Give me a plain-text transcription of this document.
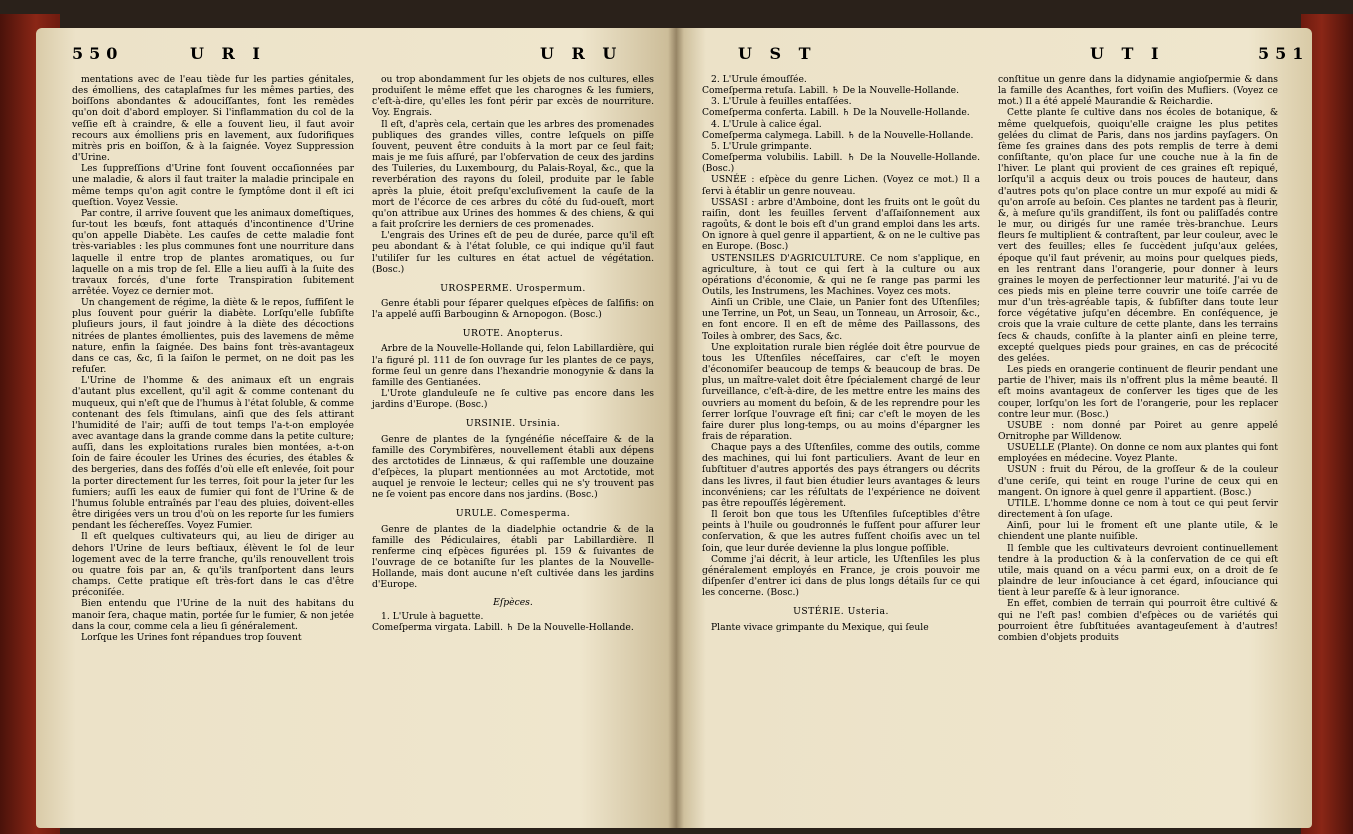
550	U R I	U R U	U S T	U T I	551

mentations avec de l'eau tiède fur les parties génitales, des émolliens, des cataplaſmes fur les mêmes parties, des boiſſons abondantes & adouciſſantes, font les remèdes qu'on doit d'abord employer. Si l'inflammation du col de la veſſie eſt à craindre, & elle a ſouvent lieu, il faut avoir recours aux émolliens pris en lavement, aux ſudorifiques mitrès pris en boiſſon, & à la ſaignée. Voyez Suppression d'Urine.

Les ſuppreſſions d'Urine font ſouvent occaſionnées par une maladie, & alors il faut traiter la maladie principale en même temps qu'on agit contre le ſymptôme dont il eſt ici queſtion. Voyez Vessie.

Par contre, il arrive ſouvent que les animaux domeſtiques, ſur-tout les bœufs, font attaqués d'incontinence d'Urine qu'on appelle Diabète. Les cauſes de cette maladie font très-variables : les plus communes font une nourriture dans laquelle il entre trop de plantes aromatiques, ou ſur laquelle on a mis trop de ſel. Elle a lieu auſſi à la ſuite des travaux forcés, d'une forte Transpiration ſubitement arrêtée. Voyez ce dernier mot.

Un changement de régime, la diète & le repos, ſuffiſent le plus ſouvent pour guérir la diabète. Lorſqu'elle ſubſiſte pluſieurs jours, il faut joindre à la diète des décoctions nitrées de plantes émollientes, puis des lavemens de même nature, enfin la ſaignée. Des bains font très-avantageux dans ce cas, &c, ſi la ſaiſon le permet, on ne doit pas les refuſer.

L'Urine de l'homme & des animaux eſt un engrais d'autant plus excellent, qu'il agit & comme contenant du muqueux, qui n'eſt que de l'humus à l'état ſoluble, & comme contenant des ſels ſtimulans, ainſi que des ſels attirant l'humidité de l'air; auſſi de tout temps l'a-t-on employée avec avantage dans la grande comme dans la petite culture; auſſi, dans les exploitations rurales bien montées, a-t-on ſoin de faire écouler les Urines des écuries, des étables & des bergeries, dans des foſſés d'où elle eſt enlevée, ſoit pour la porter directement ſur les terres, ſoit pour la jeter ſur les fumiers; auſſi les eaux de fumier qui font de l'Urine & de l'humus ſoluble entraînés par l'eau des pluies, doivent-elles être dirigées vers un trou d'où on les reporte ſur les fumiers pendant les ſéchereſſes. Voyez Fumier.

Il eſt quelques cultivateurs qui, au lieu de diriger au dehors l'Urine de leurs beſtiaux, élèvent le ſol de leur logement avec de la terre franche, qu'ils renouvellent trois ou quatre fois par an, & qu'ils tranſportent dans leurs champs. Cette pratique eſt très-fort dans le cas d'être préconiſée.

Bien entendu que l'Urine de la nuit des habitans du manoir ſera, chaque matin, portée ſur le fumier, & non jetée dans la cour, comme cela a lieu ſi généralement.

Lorſque les Urines font répandues trop ſouvent

ou trop abondamment ſur les objets de nos cultures, elles produiſent le même effet que les charognes & les fumiers, c'eſt-à-dire, qu'elles les font périr par excès de nourriture. Voy. Engrais.

Il eſt, d'après cela, certain que les arbres des promenades publiques des grandes villes, contre leſquels on piſſe ſouvent, peuvent être conduits à la mort par ce ſeul fait; mais je me ſuis aſſuré, par l'obſervation de ceux des jardins des Tuileries, du Luxembourg, du Palais-Royal, &c., que la reverbération des rayons du ſoleil, produite par le ſable après la pluie, étoit preſqu'excluſivement la cauſe de la mort de l'écorce de ces arbres du côté du ſud-oueſt, mort qu'on attribue aux Urines des hommes & des chiens, & qui a fait proſcrire les derniers de ces promenades.

L'engrais des Urines eſt de peu de durée, parce qu'il eſt peu abondant & à l'état ſoluble, ce qui indique qu'il faut l'utiliſer ſur les cultures en état actuel de végétation. (Bosc.)

UROSPERME. Urospermum.

Genre établi pour ſéparer quelques eſpèces de ſalſifis: on l'a appelé auſſi Barbouginn & Arnopogon. (Bosc.)

UROTE. Anopterus.

Arbre de la Nouvelle-Hollande qui, ſelon Labillardière, qui l'a figuré pl. 111 de ſon ouvrage ſur les plantes de ce pays, forme ſeul un genre dans l'hexandrie monogynie & dans la famille des Gentianées.

L'Urote glanduleuſe ne ſe cultive pas encore dans les jardins d'Europe. (Bosc.)

URSINIE. Ursinia.

Genre de plantes de la ſyngénéſie néceſſaire & de la famille des Corymbifères, nouvellement établi aux dépens des arctotides de Linnæus, & qui raſſemble une douzaine d'eſpèces, la plupart mentionnées au mot Arctotide, mot auquel je renvoie le lecteur; celles qui ne s'y trouvent pas ne ſe voient pas encore dans nos jardins. (Bosc.)

URULE. Comesperma.

Genre de plantes de la diadelphie octandrie & de la famille des Pédiculaires, établi par Labillardière. Il renferme cinq eſpèces figurées pl. 159 & ſuivantes de l'ouvrage de ce botaniſte ſur les plantes de la Nouvelle-Hollande, mais dont aucune n'eſt cultivée dans les jardins d'Europe.

Eſpèces.

1. L'Urule à baguette.

Comeſperma virgata. Labill. ♄ De la Nouvelle-Hollande.

2. L'Urule émouſſée.

Comeſperma retuſa. Labill. ♄ De la Nouvelle-Hollande.

3. L'Urule à feuilles entaſſées.

Comeſperma conferta. Labill. ♄ De la Nouvelle-Hollande.

4. L'Urule à calice égal.

Comeſperma calymega. Labill. ♄ de la Nouvelle-Hollande.

5. L'Urule grimpante.

Comeſperma volubilis. Labill. ♄ De la Nouvelle-Hollande. (Bosc.)

USNÉE : eſpèce du genre Lichen. (Voyez ce mot.) Il a ſervi à établir un genre nouveau.

USSASI : arbre d'Amboine, dont les fruits ont le goût du raiſin, dont les feuilles ſervent d'aſſaiſonnement aux ragoûts, & dont le bois eſt d'un grand emploi dans les arts. On ignore à quel genre il appartient, & on ne le cultive pas en Europe. (Bosc.)

USTENSILES D'AGRICULTURE. Ce nom s'applique, en agriculture, à tout ce qui ſert à la culture ou aux opérations d'économie, & qui ne ſe range pas parmi les Outils, les Instrumens, les Machines. Voyez ces mots.

Ainſi un Crible, une Claie, un Panier font des Uſtenſiles; une Terrine, un Pot, un Seau, un Tonneau, un Arrosoir, &c., en font encore. Il en eſt de même des Paillassons, des Toiles à ombrer, des Sacs, &c.

Une exploitation rurale bien réglée doit être pourvue de tous les Uſtenſiles néceſſaires, car c'eſt le moyen d'économiſer beaucoup de temps & beaucoup de bras. De plus, un maître-valet doit être ſpécialement chargé de leur ſurveillance, c'eſt-à-dire, de les mettre entre les mains des ouvriers au moment du beſoin, & de les reprendre pour les ſerrer lorſque l'ouvrage eſt fini; car c'eſt le moyen de les faire durer plus long-temps, ou au moins d'épargner les frais de réparation.

Chaque pays a des Uſtenſiles, comme des outils, comme des machines, qui lui font particuliers. Avant de leur en ſubſtituer d'autres apportés des pays étrangers ou décrits dans les livres, il faut bien étudier leurs avantages & leurs inconvéniens; car les réſultats de l'expérience ne doivent pas être repouſſés légèrement.

Il ſeroit bon que tous les Uſtenſiles ſuſceptibles d'être peints à l'huile ou goudronnés le fuſſent pour aſſurer leur conſervation, & que les autres fuſſent choiſis avec un tel ſoin, que leur durée devienne la plus longue poſſible.

Comme j'ai décrit, à leur article, les Uſtenſiles les plus généralement employés en France, je crois pouvoir me diſpenſer d'entrer ici dans de plus longs détails ſur ce qui les concerne. (Bosc.)

USTÉRIE. Usteria.

Plante vivace grimpante du Mexique, qui ſeule

conſtitue un genre dans la didynamie angioſpermie & dans la famille des Acanthes, fort voiſin des Mufliers. (Voyez ce mot.) Il a été appelé Maurandie & Reichardie.

Cette plante ſe cultive dans nos écoles de botanique, & même quelquefois, quoiqu'elle craigne les plus petites gelées du climat de Paris, dans nos jardins payſagers. On ſème ſes graines dans des pots remplis de terre à demi conſiſtante, qu'on place ſur une couche nue à la fin de l'hiver. Le plant qui provient de ces graines eſt repiqué, lorſqu'il a acquis deux ou trois pouces de hauteur, dans d'autres pots qu'on place contre un mur expoſé au midi & qu'on arroſe au beſoin. Ces plantes ne tardent pas à fleurir, &, à meſure qu'ils grandiſſent, ils font ou paliſſadés contre le mur, ou dirigés ſur une ramée très-branchue. Leurs fleurs ſe multiplient & contraſtent, par leur couleur, avec le vert des feuilles; elles ſe ſuccèdent juſqu'aux gelées, époque qu'il faut prévenir, au moins pour quelques pieds, en les rentrant dans l'orangerie, pour donner à leurs graines le moyen de perfectionner leur maturité. J'ai vu de ces pieds mis en pleine terre couvrir une toiſe carrée de mur d'un très-agréable tapis, & ſubſiſter dans toute leur force végétative juſqu'en décembre. En conſéquence, je crois que la vraie culture de cette plante, dans les terrains ſecs & chauds, conſiſte à la planter ainſi en pleine terre, excepté quelques pieds pour graines, en cas de précocité des gelées.

Les pieds en orangerie continuent de fleurir pendant une partie de l'hiver, mais ils n'offrent plus la même beauté. Il eſt moins avantageux de conſerver les tiges que de les couper, lorſqu'on les ſort de l'orangerie, pour les replacer contre leur mur. (Bosc.)

USUBE : nom donné par Poiret au genre appelé Ornitrophe par Willdenow.

USUELLE (Plante). On donne ce nom aux plantes qui font employées en médecine. Voyez Plante.

USUN : fruit du Pérou, de la groſſeur & de la couleur d'une ceriſe, qui teint en rouge l'urine de ceux qui en mangent. On ignore à quel genre il appartient. (Bosc.)

UTILE. L'homme donne ce nom à tout ce qui peut ſervir directement à ſon uſage.

Ainſi, pour lui le froment eſt une plante utile, & le chiendent une plante nuiſible.

Il ſemble que les cultivateurs devroient continuellement tendre à la production & à la conſervation de ce qui eſt utile, mais quand on a vécu parmi eux, on a droit de ſe plaindre de leur inſouciance à cet égard, inſouciance qui tient à leur pareſſe & à leur ignorance.

En effet, combien de terrain qui pourroit être cultivé & qui ne l'eſt pas! combien d'eſpèces ou de variétés qui pourroient être ſubſtituées avantageuſement à d'autres! combien d'objets produits
